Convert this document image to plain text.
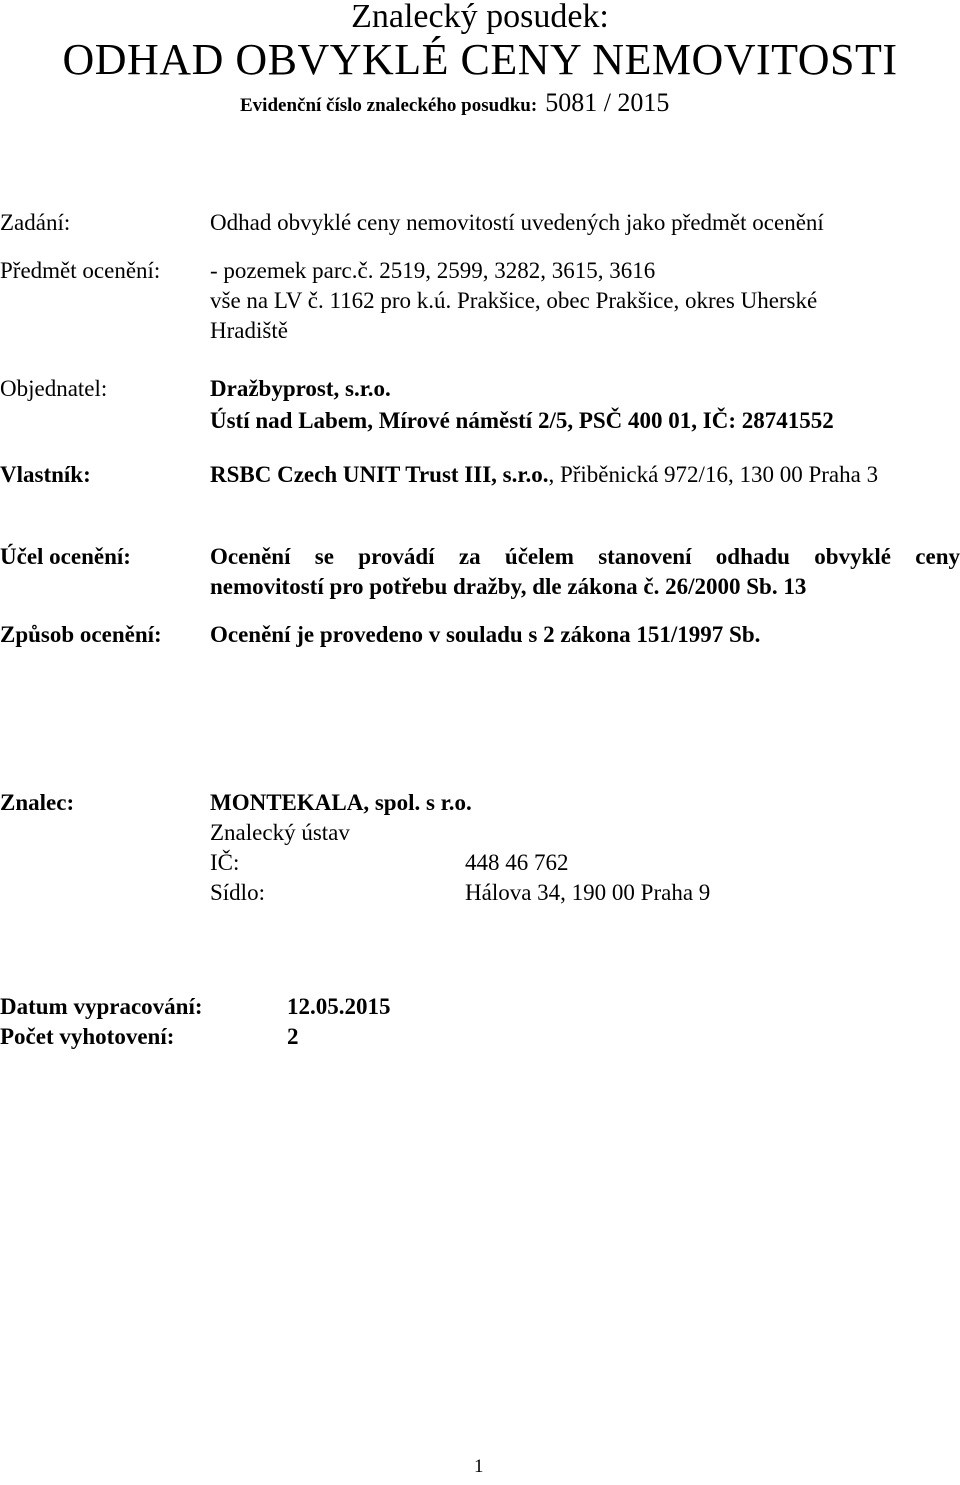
Znalecký posudek:
ODHAD OBVYKLÉ CENY NEMOVITOSTI
Evidenční číslo znaleckého posudku: 5081 / 2015
Zadání:	Odhad obvyklé ceny nemovitostí uvedených jako předmět ocenění
Předmět ocenění: - pozemek parc.č. 2519, 2599, 3282, 3615, 3616
vše na LV č. 1162 pro k.ú. Prakšice, obec Prakšice, okres Uherské
Hradiště
Objednatel:	Dražbyprost, s.r.o.
Ústí nad Labem, Mírové náměstí 2/5, PSČ 400 01, IČ: 28741552
Vlastník:	RSBC Czech UNIT Trust III, s.r.o., Přiběnická 972/16, 130 00 Praha 3
Účel ocenění:	Ocenění se provádí za účelem stanovení odhadu obvyklé ceny
nemovitostí pro potřebu dražby, dle zákona č. 26/2000 Sb. 13
Způsob ocenění: Ocenění je provedeno v souladu s 2 zákona 151/1997 Sb.
Znalec:	MONTEKALA, spol. s r.o.
Znalecký ústav
IČ:	448 46 762
Sídlo:	Hálova 34, 190 00 Praha 9
Datum vypracování:	12.05.2015
Počet vyhotovení:	2
1
